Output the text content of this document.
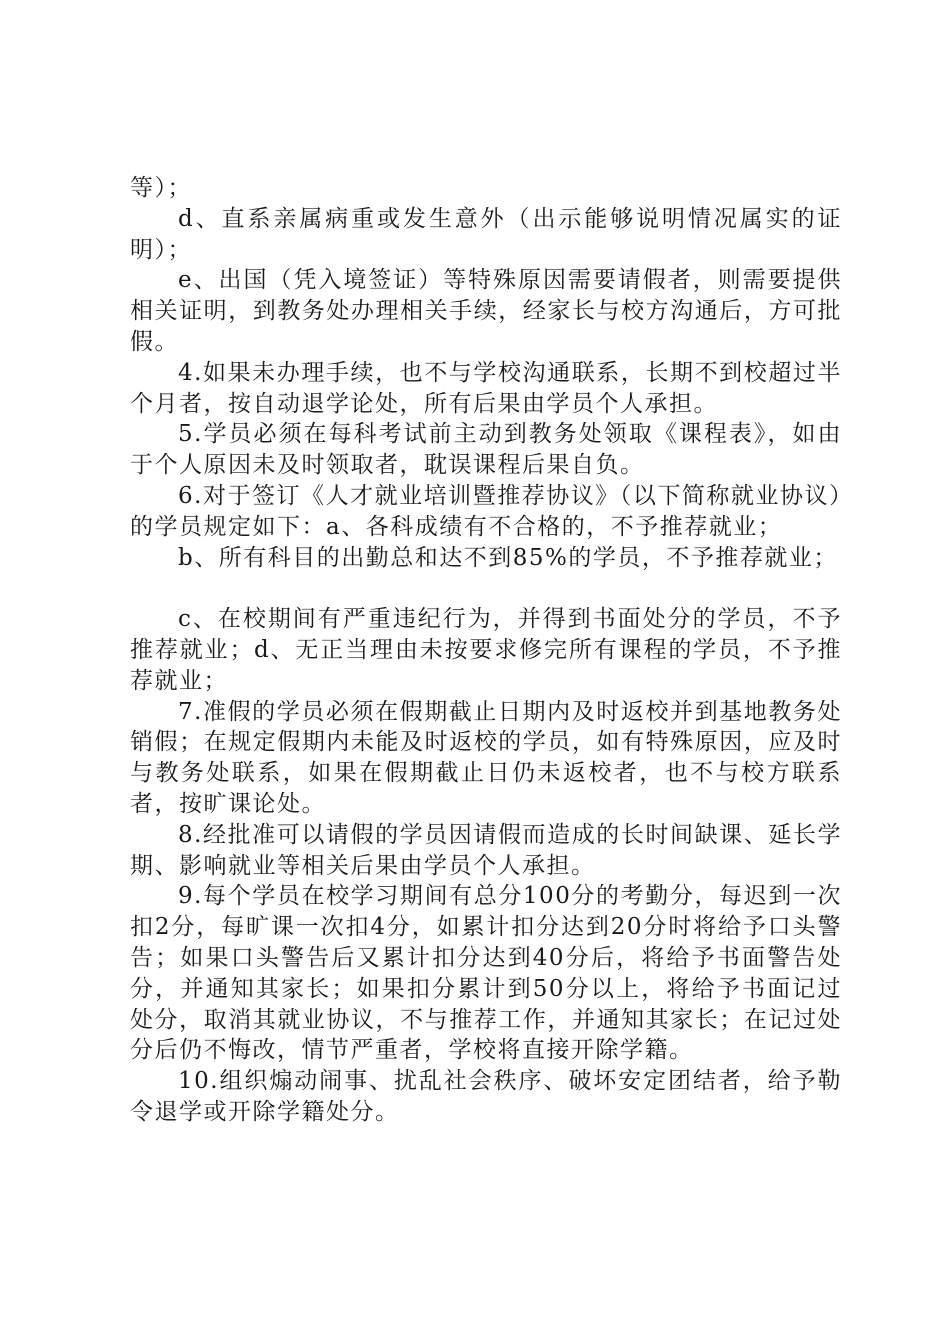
等）；

d、直系亲属病重或发生意外（出示能够说明情况属实的证明）；

e、出国（凭入境签证）等特殊原因需要请假者，则需要提供相关证明，到教务处办理相关手续，经家长与校方沟通后，方可批假。

4.如果未办理手续，也不与学校沟通联系，长期不到校超过半个月者，按自动退学论处，所有后果由学员个人承担。

5.学员必须在每科考试前主动到教务处领取《课程表》，如由于个人原因未及时领取者，耽误课程后果自负。

6.对于签订《人才就业培训暨推荐协议》（以下简称就业协议）的学员规定如下：a、各科成绩有不合格的，不予推荐就业；

b、所有科目的出勤总和达不到85%的学员，不予推荐就业；

c、在校期间有严重违纪行为，并得到书面处分的学员，不予推荐就业；d、无正当理由未按要求修完所有课程的学员，不予推荐就业；

7.准假的学员必须在假期截止日期内及时返校并到基地教务处销假；在规定假期内未能及时返校的学员，如有特殊原因，应及时与教务处联系，如果在假期截止日仍未返校者，也不与校方联系者，按旷课论处。

8.经批准可以请假的学员因请假而造成的长时间缺课、延长学期、影响就业等相关后果由学员个人承担。

9.每个学员在校学习期间有总分100分的考勤分，每迟到一次扣2分，每旷课一次扣4分，如累计扣分达到20分时将给予口头警告；如果口头警告后又累计扣分达到40分后，将给予书面警告处分，并通知其家长；如果扣分累计到50分以上，将给予书面记过处分，取消其就业协议，不与推荐工作，并通知其家长；在记过处分后仍不悔改，情节严重者，学校将直接开除学籍。

10.组织煽动闹事、扰乱社会秩序、破坏安定团结者，给予勒令退学或开除学籍处分。
